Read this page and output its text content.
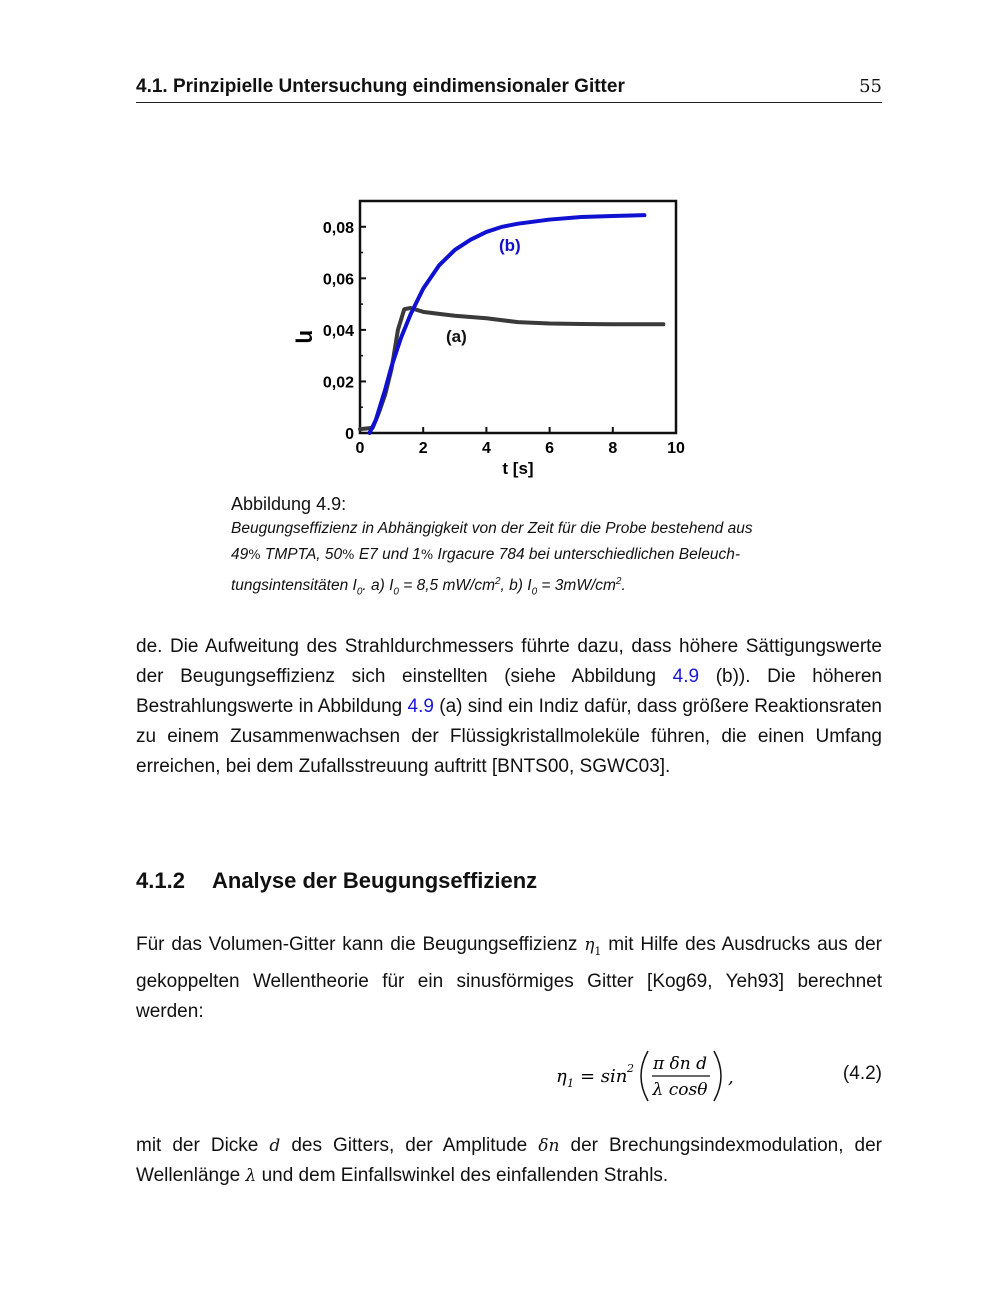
4.1. Prinzipielle Untersuchung eindimensionaler Gitter	55
0	2	4	6	8	10
0
0,02
0,04
0,06
0,08
(b)
(a)
η
t [s]
Abbildung 4.9:
Beugungseffizienz in Abhängigkeit von der Zeit für die Probe bestehend aus
49% TMPTA, 50% E7 und 1% Irgacure 784 bei unterschiedlichen Beleuch-
tungsintensitäten $I_0$. a) $I_0 = 8,5$ $mW/cm^2$, b) $I_0 = 3mW/cm^2$.
de. Die Aufweitung des Strahldurchmessers führte dazu, dass höhere Sättigungswerte der Beugungseffizienz sich einstellten (siehe Abbildung 4.9 (b)). Die höheren Bestrahlungswerte in Abbildung 4.9 (a) sind ein Indiz dafür, dass größere Reaktionsraten zu einem Zusammenwachsen der Flüssigkristallmoleküle führen, die einen Umfang erreichen, bei dem Zufallsstreuung auftritt [BNTS00, SGWC03].
4.1.2 Analyse der Beugungseffizienz
Für das Volumen-Gitter kann die Beugungseffizienz $\eta_1$ mit Hilfe des Ausdrucks aus der gekoppelten Wellentheorie für ein sinusförmiges Gitter [Kog69, Yeh93] berechnet werden:
η 1 = sin 2 π δn d
λ cosθ
,	(4.2)
mit der Dicke d des Gitters, der Amplitude δn der Brechungsindexmodulation, der Wellenlänge λ und dem Einfallswinkel des einfallenden Strahls.
